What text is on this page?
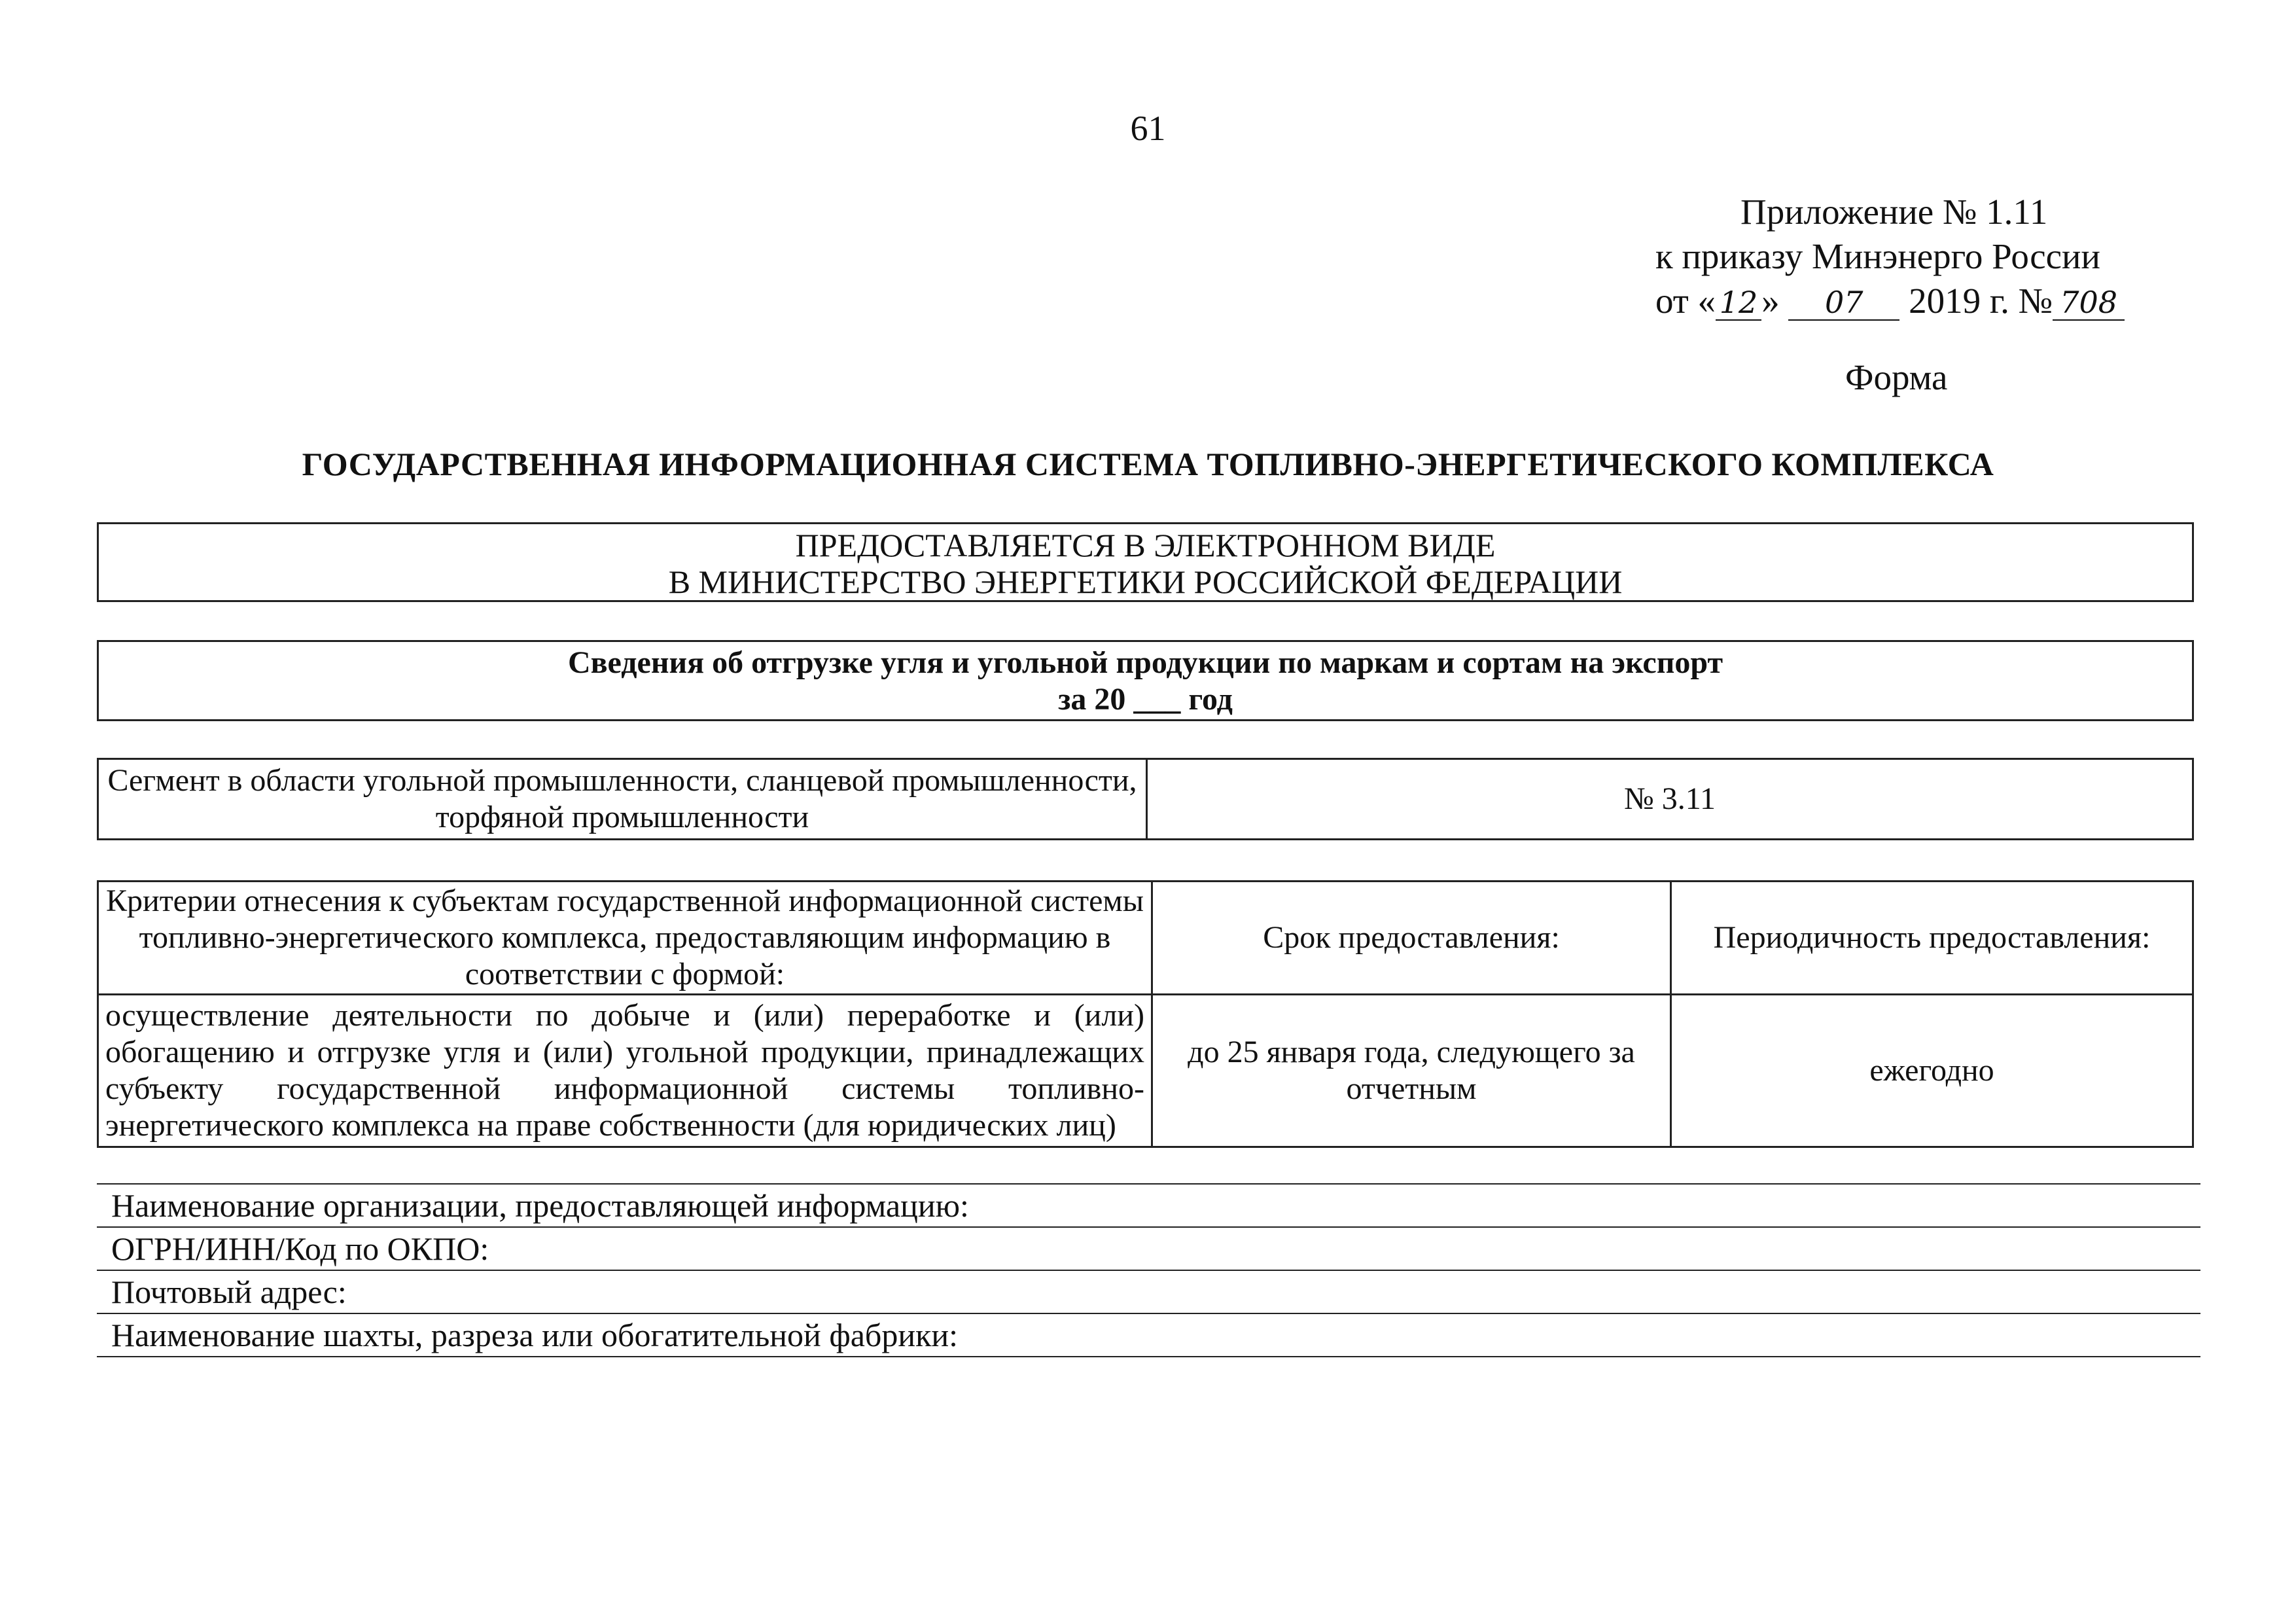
61
Приложение № 1.11
к приказу Минэнерго России
от « 12 » 07 2019 г. № 708
Форма
ГОСУДАРСТВЕННАЯ ИНФОРМАЦИОННАЯ СИСТЕМА ТОПЛИВНО-ЭНЕРГЕТИЧЕСКОГО КОМПЛЕКСА
ПРЕДОСТАВЛЯЕТСЯ В ЭЛЕКТРОННОМ ВИДЕ
В МИНИСТЕРСТВО ЭНЕРГЕТИКИ РОССИЙСКОЙ ФЕДЕРАЦИИ
Сведения об отгрузке угля и угольной продукции по маркам и сортам на экспорт
за 20 ___ год
Сегмент в области угольной промышленности, сланцевой промышленности, торфяной промышленности	№ 3.11
Критерии отнесения к субъектам государственной информационной системы топливно-энергетического комплекса, предоставляющим информацию в соответствии с формой:	Срок предоставления:	Периодичность предоставления:
осуществление деятельности по добыче и (или) переработке и (или) обогащению и отгрузке угля и (или) угольной продукции, принадлежащих субъекту государственной информационной системы топливно-энергетического комплекса на праве собственности (для юридических лиц)	до 25 января года, следующего за отчетным	ежегодно
Наименование организации, предоставляющей информацию:
ОГРН/ИНН/Код по ОКПО:
Почтовый адрес:
Наименование шахты, разреза или обогатительной фабрики:
